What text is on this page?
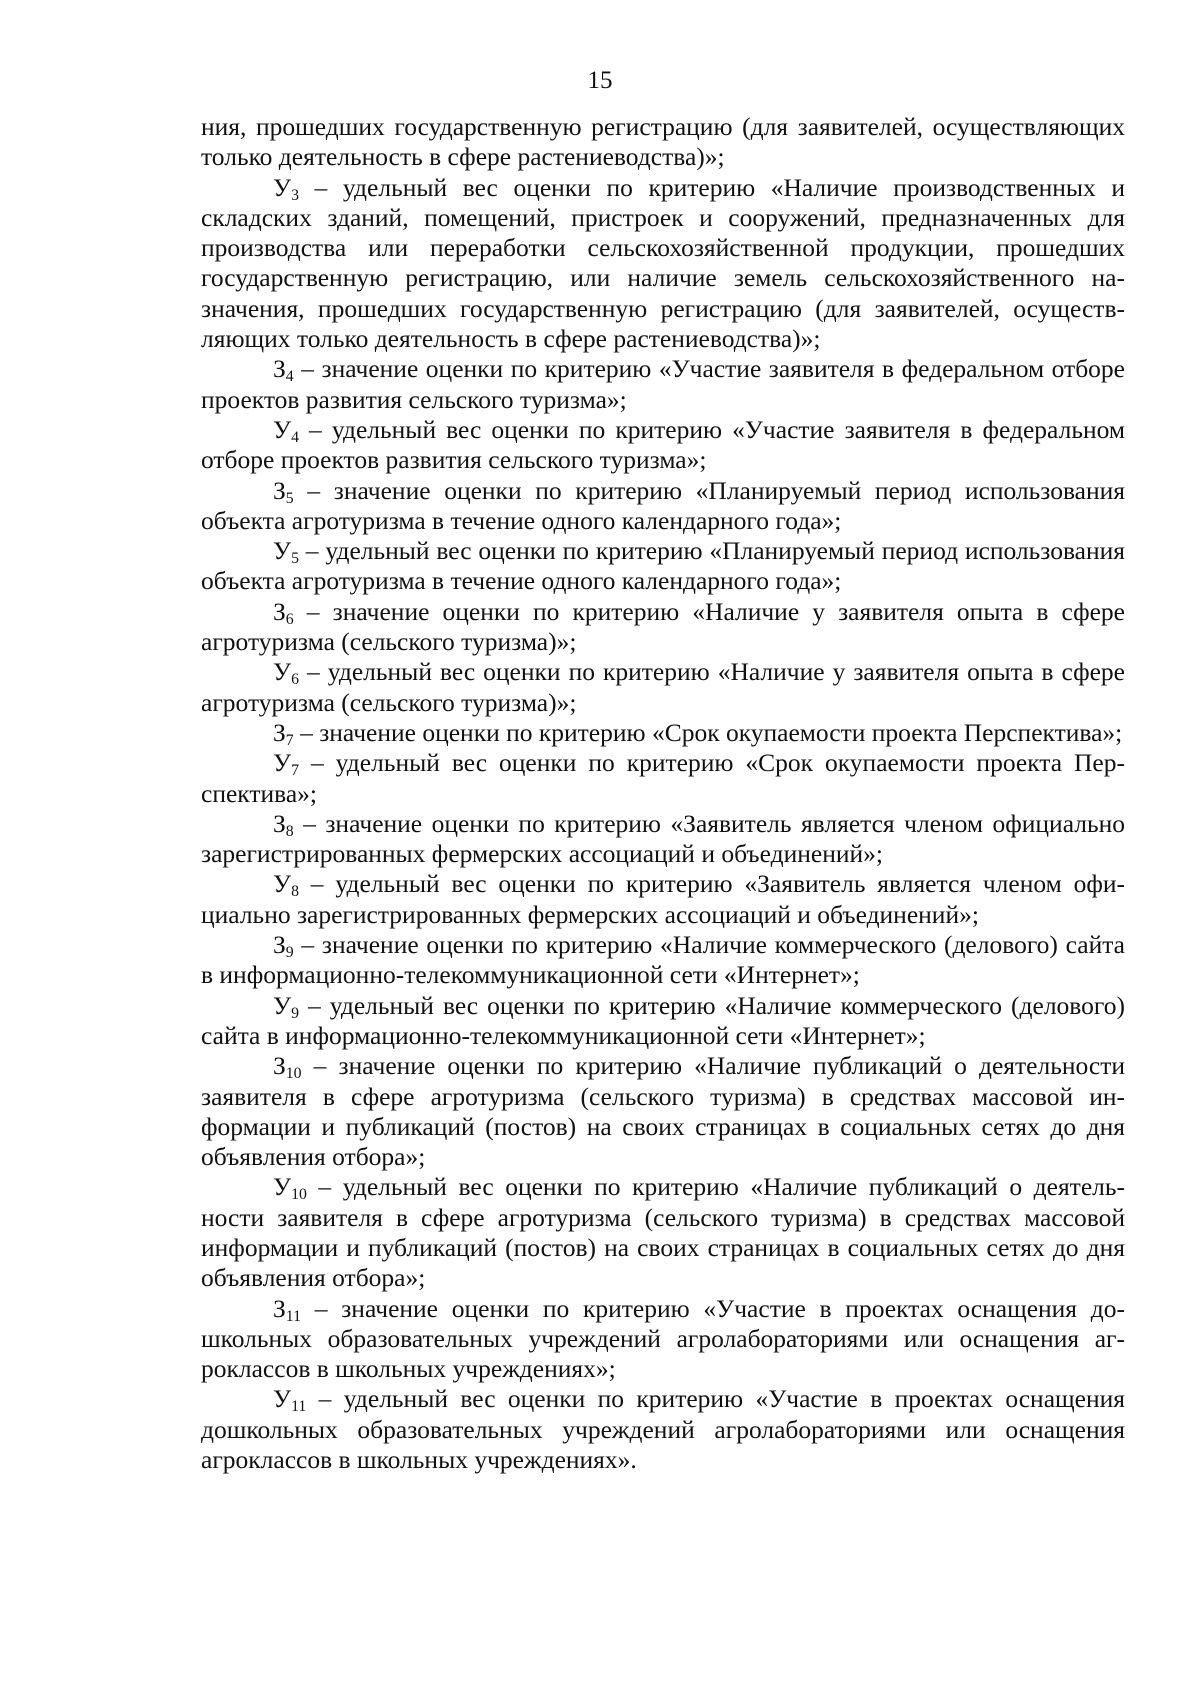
15

ния, прошедших государственную регистрацию (для заявителей, осуществляющих только деятельность в сфере растениеводства)»;

$У_3$ – удельный вес оценки по критерию «Наличие производственных и складских зданий, помещений, пристроек и сооружений, предназначенных для производства или переработки сельскохозяйственной продукции, прошедших государственную регистрацию, или наличие земель сельскохозяйственного назначения, прошедших государственную регистрацию (для заявителей, осуществляющих только деятельность в сфере растениеводства)»;

$З_4$ – значение оценки по критерию «Участие заявителя в федеральном отборе проектов развития сельского туризма»;

$У_4$ – удельный вес оценки по критерию «Участие заявителя в федеральном отборе проектов развития сельского туризма»;

$З_5$ – значение оценки по критерию «Планируемый период использования объекта агротуризма в течение одного календарного года»;

$У_5$ – удельный вес оценки по критерию «Планируемый период использования объекта агротуризма в течение одного календарного года»;

$З_6$ – значение оценки по критерию «Наличие у заявителя опыта в сфере агротуризма (сельского туризма)»;

$У_6$ – удельный вес оценки по критерию «Наличие у заявителя опыта в сфере агротуризма (сельского туризма)»;

$З_7$ – значение оценки по критерию «Срок окупаемости проекта Перспектива»;

$У_7$ – удельный вес оценки по критерию «Срок окупаемости проекта Перспектива»;

$З_8$ – значение оценки по критерию «Заявитель является членом официально зарегистрированных фермерских ассоциаций и объединений»;

$У_8$ – удельный вес оценки по критерию «Заявитель является членом официально зарегистрированных фермерских ассоциаций и объединений»;

$З_9$ – значение оценки по критерию «Наличие коммерческого (делового) сайта в информационно-телекоммуникационной сети «Интернет»;

$У_9$ – удельный вес оценки по критерию «Наличие коммерческого (делового) сайта в информационно-телекоммуникационной сети «Интернет»;

$З_{10}$ – значение оценки по критерию «Наличие публикаций о деятельности заявителя в сфере агротуризма (сельского туризма) в средствах массовой информации и публикаций (постов) на своих страницах в социальных сетях до дня объявления отбора»;

$У_{10}$ – удельный вес оценки по критерию «Наличие публикаций о деятельности заявителя в сфере агротуризма (сельского туризма) в средствах массовой информации и публикаций (постов) на своих страницах в социальных сетях до дня объявления отбора»;

$З_{11}$ – значение оценки по критерию «Участие в проектах оснащения дошкольных образовательных учреждений агролабораториями или оснащения агроклассов в школьных учреждениях»;

$У_{11}$ – удельный вес оценки по критерию «Участие в проектах оснащения дошкольных образовательных учреждений агролабораториями или оснащения агроклассов в школьных учреждениях».
